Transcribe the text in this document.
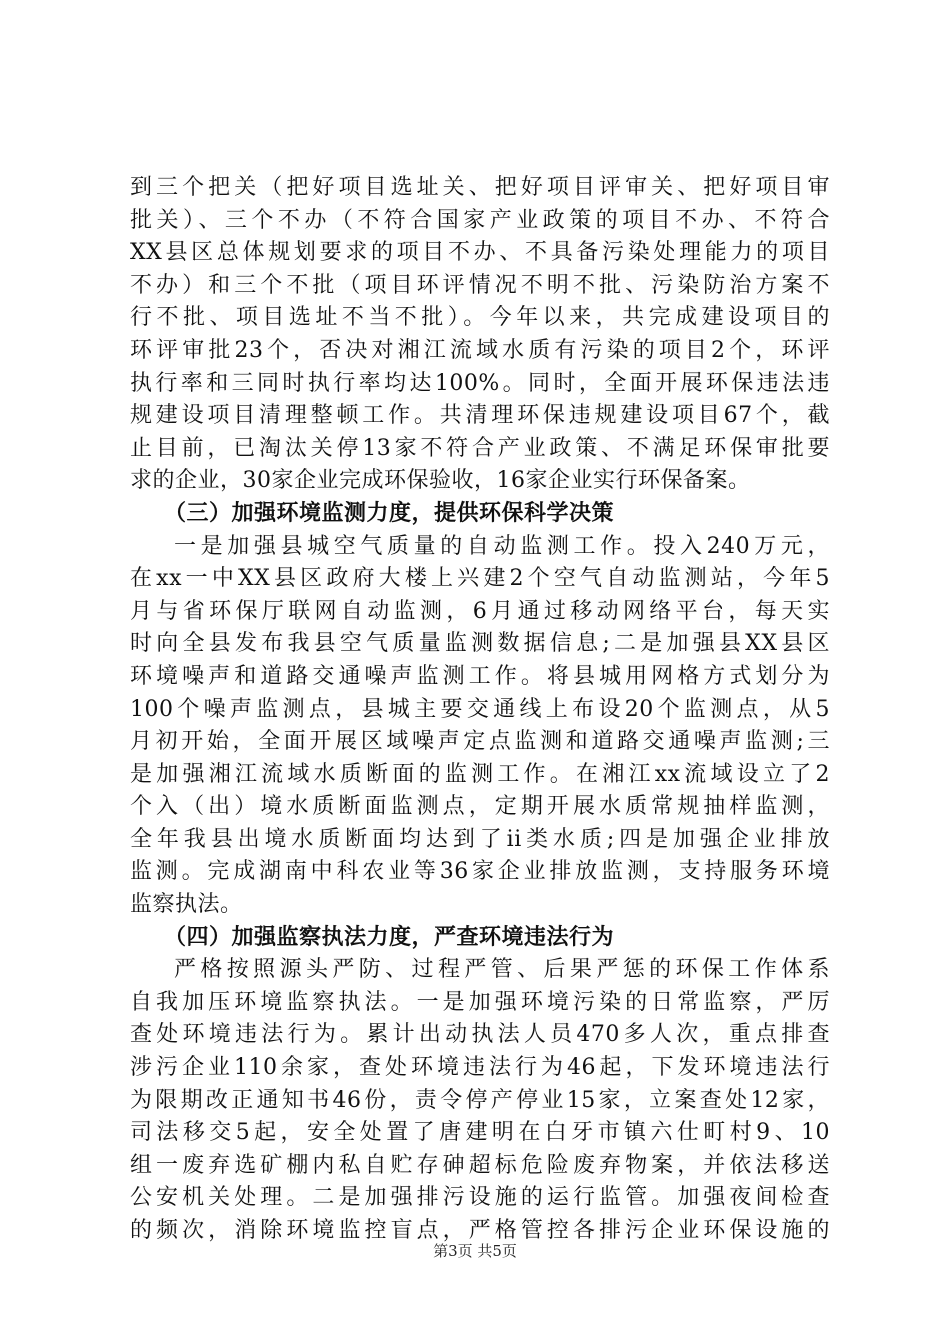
到三个把关（把好项目选址关、把好项目评审关、把好项目审
批关）、三个不办（不符合国家产业政策的项目不办、不符合
XX县区总体规划要求的项目不办、不具备污染处理能力的项目
不办）和三个不批（项目环评情况不明不批、污染防治方案不
行不批、项目选址不当不批）。今年以来，共完成建设项目的
环评审批23个，否决对湘江流域水质有污染的项目2个，环评
执行率和三同时执行率均达100%。同时，全面开展环保违法违
规建设项目清理整顿工作。共清理环保违规建设项目67个，截
止目前，已淘汰关停13家不符合产业政策、不满足环保审批要
求的企业，30家企业完成环保验收，16家企业实行环保备案。
（三）加强环境监测力度，提供环保科学决策
一是加强县城空气质量的自动监测工作。投入240万元，
在xx一中XX县区政府大楼上兴建2个空气自动监测站，今年5
月与省环保厅联网自动监测，6月通过移动网络平台，每天实
时向全县发布我县空气质量监测数据信息;二是加强县XX县区
环境噪声和道路交通噪声监测工作。将县城用网格方式划分为
100个噪声监测点，县城主要交通线上布设20个监测点，从5
月初开始，全面开展区域噪声定点监测和道路交通噪声监测;三
是加强湘江流域水质断面的监测工作。在湘江xx流域设立了2
个入（出）境水质断面监测点，定期开展水质常规抽样监测，
全年我县出境水质断面均达到了ii类水质;四是加强企业排放
监测。完成湖南中科农业等36家企业排放监测，支持服务环境
监察执法。
（四）加强监察执法力度，严查环境违法行为
严格按照源头严防、过程严管、后果严惩的环保工作体系
自我加压环境监察执法。一是加强环境污染的日常监察，严厉
查处环境违法行为。累计出动执法人员470多人次，重点排查
涉污企业110余家，查处环境违法行为46起，下发环境违法行
为限期改正通知书46份，责令停产停业15家，立案查处12家，
司法移交5起，安全处置了唐建明在白牙市镇六仕町村9、10
组一废弃选矿棚内私自贮存砷超标危险废弃物案，并依法移送
公安机关处理。二是加强排污设施的运行监管。加强夜间检查
的频次，消除环境监控盲点，严格管控各排污企业环保设施的
第3页 共5页
